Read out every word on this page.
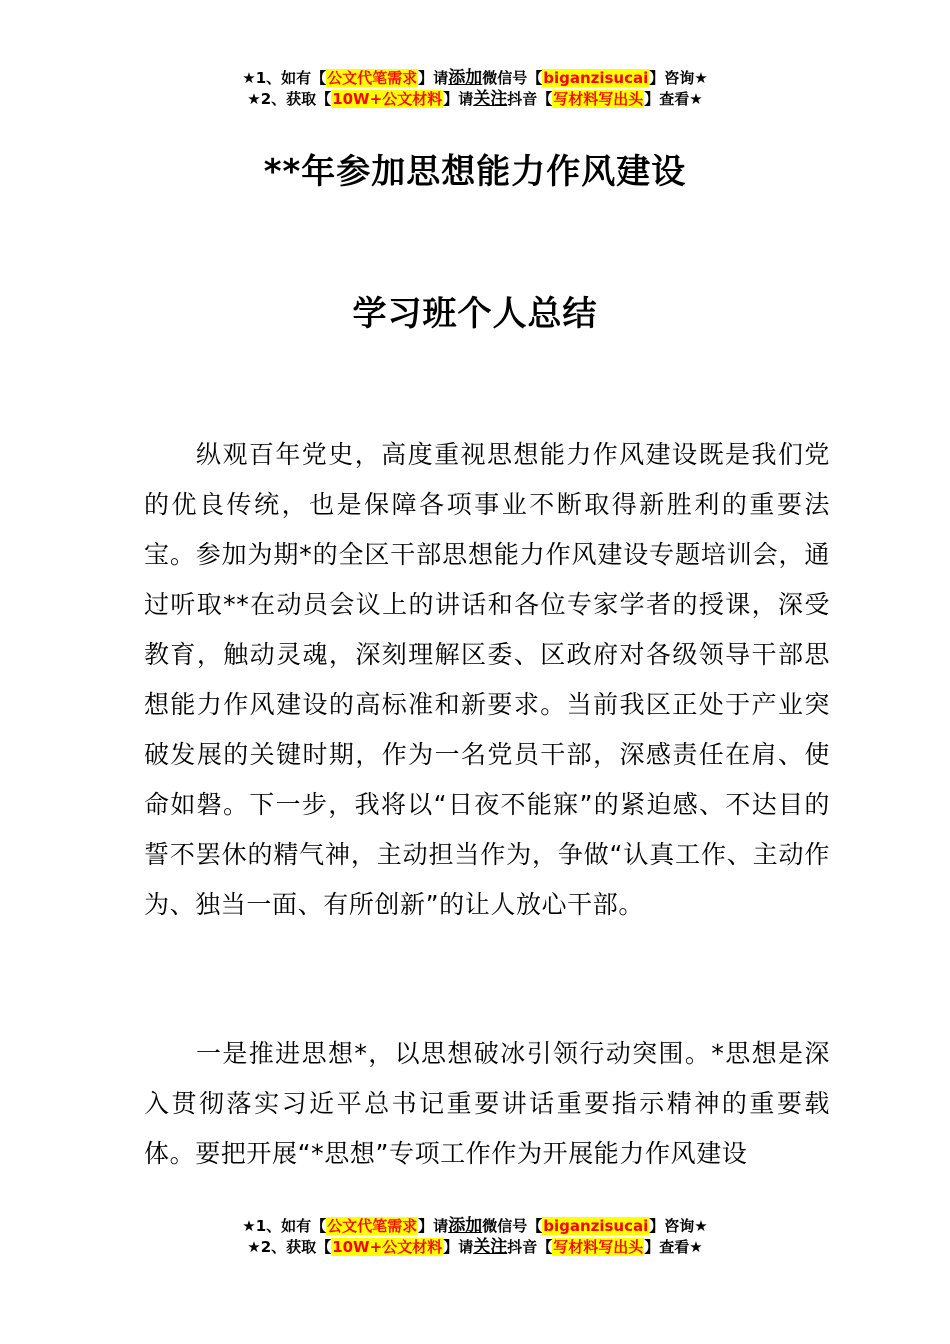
★1、如有【公文代笔需求】请添加微信号【biganzisucai】咨询★
★2、获取【10W+公文材料】请关注抖音【写材料写出头】查看★
**年参加思想能力作风建设
学习班个人总结

纵观百年党史，高度重视思想能力作风建设既是我们党的优良传统，也是保障各项事业不断取得新胜利的重要法宝。参加为期*的全区干部思想能力作风建设专题培训会，通过听取**在动员会议上的讲话和各位专家学者的授课，深受教育，触动灵魂，深刻理解区委、区政府对各级领导干部思想能力作风建设的高标准和新要求。当前我区正处于产业突破发展的关键时期，作为一名党员干部，深感责任在肩、使命如磐。下一步，我将以“日夜不能寐”的紧迫感、不达目的誓不罢休的精气神，主动担当作为，争做“认真工作、主动作为、独当一面、有所创新”的让人放心干部。

一是推进思想*，以思想破冰引领行动突围。*思想是深入贯彻落实习近平总书记重要讲话重要指示精神的重要载体。要把开展“*思想”专项工作作为开展能力作风建设

★1、如有【公文代笔需求】请添加微信号【biganzisucai】咨询★
★2、获取【10W+公文材料】请关注抖音【写材料写出头】查看★
